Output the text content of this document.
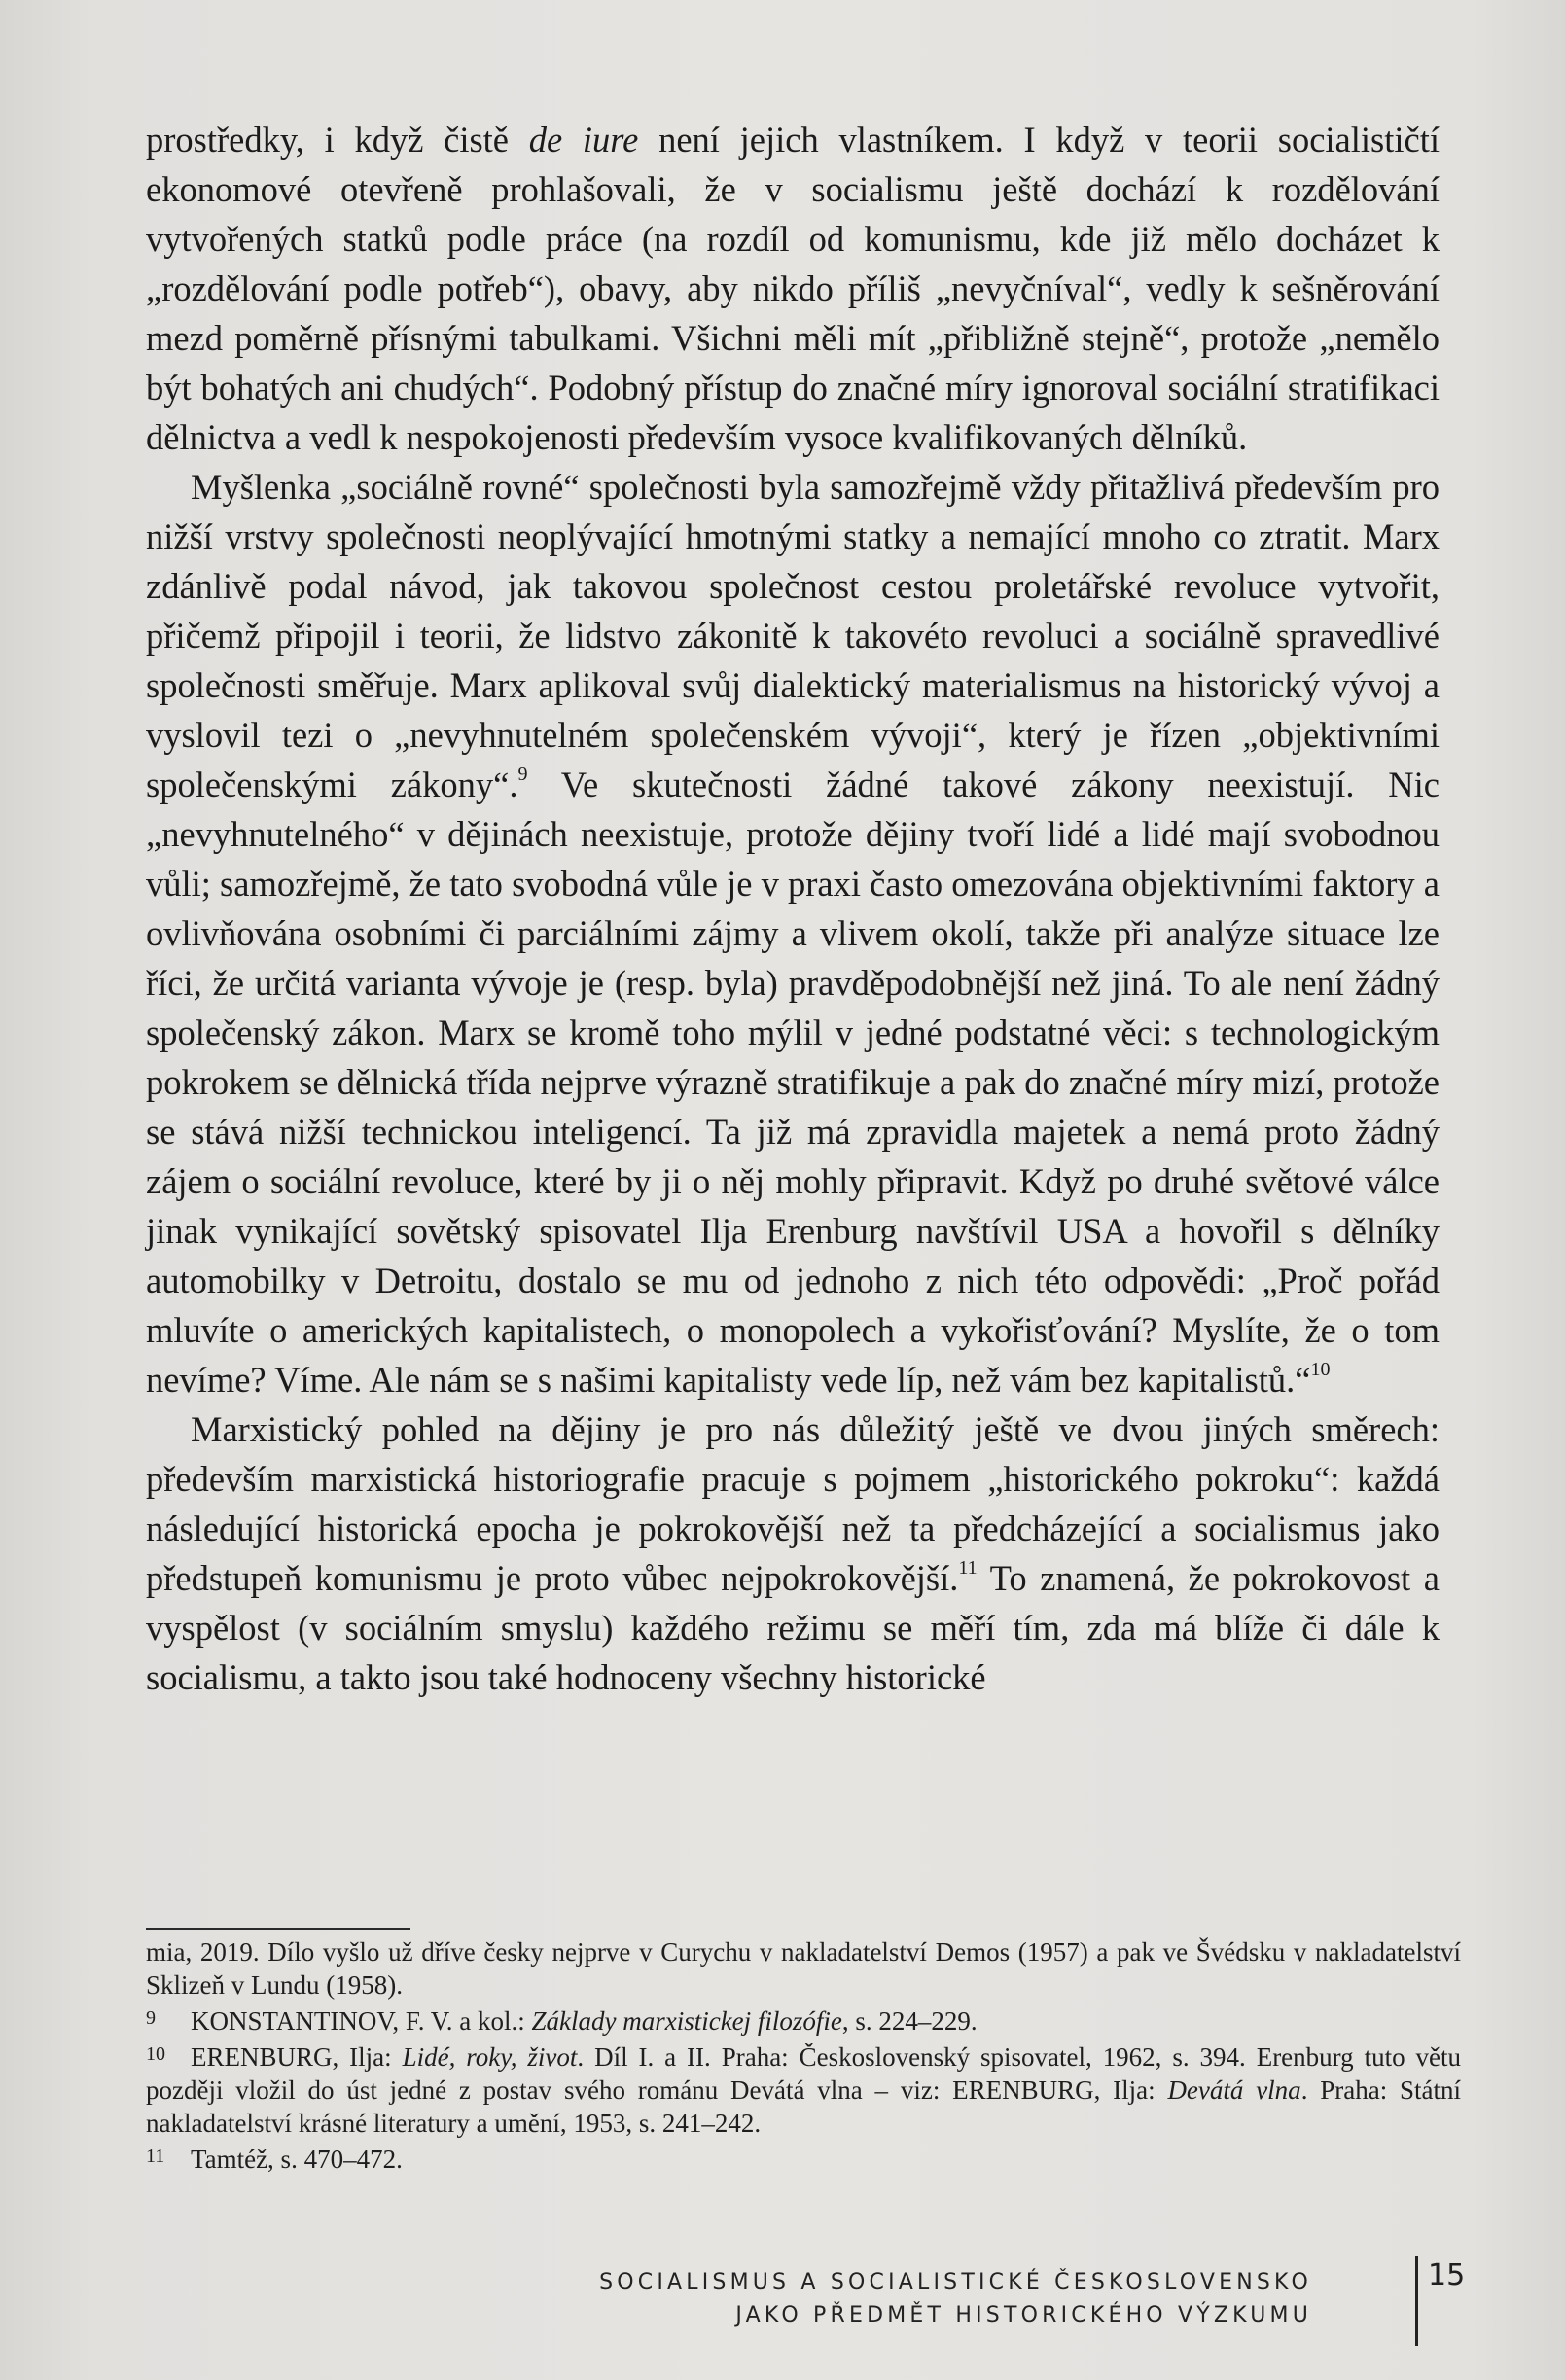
prostředky, i když čistě de iure není jejich vlastníkem. I když v teorii socialističtí ekonomové otevřeně prohlašovali, že v socialismu ještě dochází k rozdělování vytvořených statků podle práce (na rozdíl od komunismu, kde již mělo docházet k „rozdělování podle potřeb“), obavy, aby nikdo příliš „nevyčníval“, vedly k sešněrování mezd poměrně přísnými tabulkami. Všichni měli mít „přibližně stejně“, protože „nemělo být bohatých ani chudých“. Podobný přístup do značné míry ignoroval sociální stratifikaci dělnictva a vedl k nespokojenosti především vysoce kvalifikovaných dělníků.

Myšlenka „sociálně rovné“ společnosti byla samozřejmě vždy přitažlivá především pro nižší vrstvy společnosti neoplývající hmotnými statky a nemající mnoho co ztratit. Marx zdánlivě podal návod, jak takovou společnost cestou proletářské revoluce vytvořit, přičemž připojil i teorii, že lidstvo zákonitě k takovéto revoluci a sociálně spravedlivé společnosti směřuje. Marx aplikoval svůj dialektický materialismus na historický vývoj a vyslovil tezi o „nevyhnutelném společenském vývoji“, který je řízen „objektivními společenskými zákony“.$^9$ Ve skutečnosti žádné takové zákony neexistují. Nic „nevyhnutelného“ v dějinách neexistuje, protože dějiny tvoří lidé a lidé mají svobodnou vůli; samozřejmě, že tato svobodná vůle je v praxi často omezována objektivními faktory a ovlivňována osobními či parciálními zájmy a vlivem okolí, takže při analýze situace lze říci, že určitá varianta vývoje je (resp. byla) pravděpodobnější než jiná. To ale není žádný společenský zákon. Marx se kromě toho mýlil v jedné podstatné věci: s technologickým pokrokem se dělnická třída nejprve výrazně stratifikuje a pak do značné míry mizí, protože se stává nižší technickou inteligencí. Ta již má zpravidla majetek a nemá proto žádný zájem o sociální revoluce, které by ji o něj mohly připravit. Když po druhé světové válce jinak vynikající sovětský spisovatel Ilja Erenburg navštívil USA a hovořil s dělníky automobilky v Detroitu, dostalo se mu od jednoho z nich této odpovědi: „Proč pořád mluvíte o amerických kapitalistech, o monopolech a vykořisťování? Myslíte, že o tom nevíme? Víme. Ale nám se s našimi kapitalisty vede líp, než vám bez kapitalistů.“$^{10}$

Marxistický pohled na dějiny je pro nás důležitý ještě ve dvou jiných směrech: především marxistická historiografie pracuje s pojmem „historického pokroku“: každá následující historická epocha je pokrokovější než ta předcházející a socialismus jako předstupeň komunismu je proto vůbec nejpokrokovější.$^{11}$ To znamená, že pokrokovost a vyspělost (v sociálním smyslu) každého režimu se měří tím, zda má blíže či dále k socialismu, a takto jsou také hodnoceny všechny historické

mia, 2019. Dílo vyšlo už dříve česky nejprve v Curychu v nakladatelství Demos (1957) a pak ve Švédsku v nakladatelství Sklizeň v Lundu (1958).

9 KONSTANTINOV, F. V. a kol.: Základy marxistickej filozófie, s. 224–229.

10 ERENBURG, Ilja: Lidé, roky, život. Díl I. a II. Praha: Československý spisovatel, 1962, s. 394. Erenburg tuto větu později vložil do úst jedné z postav svého románu Devátá vlna – viz: ERENBURG, Ilja: Devátá vlna. Praha: Státní nakladatelství krásné literatury a umění, 1953, s. 241–242.

11 Tamtéž, s. 470–472.

SOCIALISMUS A SOCIALISTICKÉ ČESKOSLOVENSKO
JAKO PŘEDMĚT HISTORICKÉHO VÝZKUMU
15
